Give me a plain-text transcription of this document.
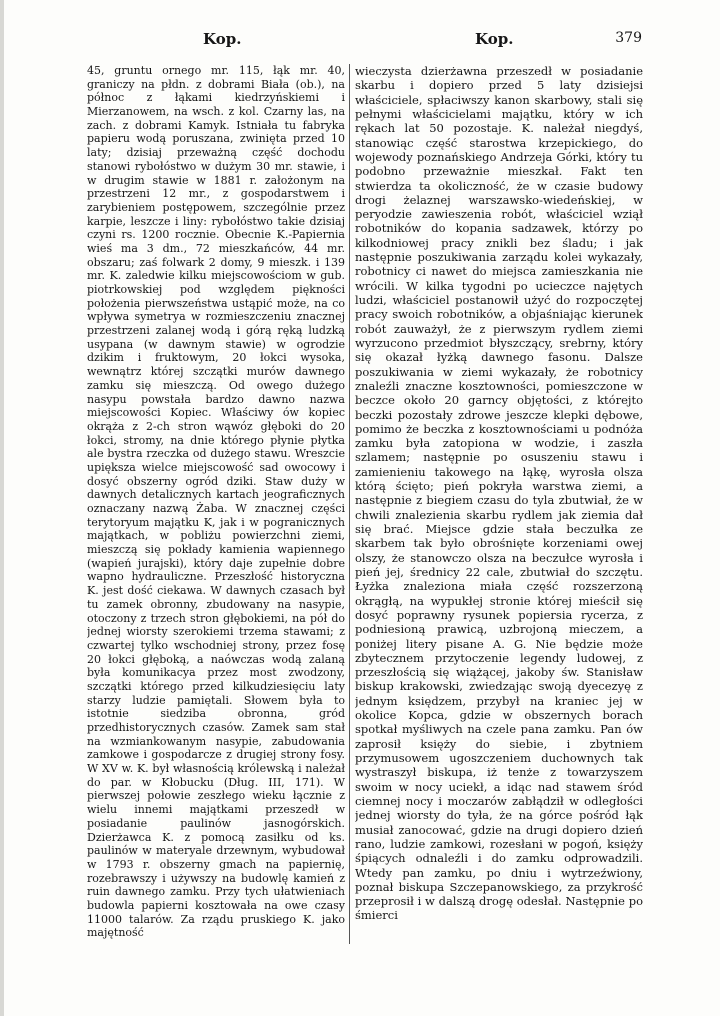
Kop.	Kop.	379

45, gruntu ornego mr. 115, łąk mr. 40, graniczy na płdn. z dobrami Biała (ob.), na północ z łąkami kiedrzyńskiemi i Mierzanowem, na wsch. z kol. Czarny las, na zach. z dobrami Kamyk. Istniała tu fabryka papieru wodą poruszana, zwinięta przed 10 laty; dzisiaj przeważną część dochodu stanowi rybołóstwo w dużym 30 mr. stawie, i w drugim stawie w 1881 r. założonym na przestrzeni 12 mr., z gospodarstwem i zarybieniem postępowem, szczególnie przez karpie, leszcze i liny: rybołóstwo takie dzisiaj czyni rs. 1200 rocznie. Obecnie K.-Papiernia wieś ma 3 dm., 72 mieszkańców, 44 mr. obszaru; zaś folwark 2 domy, 9 mieszk. i 139 mr. K. zaledwie kilku miejscowościom w gub. piotrkowskiej pod względem piękności położenia pierwszeństwa ustąpić może, na co wpływa symetrya w rozmieszczeniu znacznej przestrzeni zalanej wodą i górą ręką ludzką usypana (w dawnym stawie) w ogrodzie dzikim i fruktowym, 20 łokci wysoka, wewnątrz której szczątki murów dawnego zamku się mieszczą. Od owego dużego nasypu powstała bardzo dawno nazwa miejscowości Kopiec. Właściwy ów kopiec okrąża z 2-ch stron wąwóz głęboki do 20 łokci, stromy, na dnie którego płynie płytka ale bystra rzeczka od dużego stawu. Wreszcie upiększa wielce miejscowość sad owocowy i dosyć obszerny ogród dziki. Staw duży w dawnych detalicznych kartach jeograficznych oznaczany nazwą Żaba. W znacznej części terytoryum majątku K, jak i w pogranicznych majątkach, w pobliżu powierzchni ziemi, mieszczą się pokłady kamienia wapiennego (wapień jurajski), który daje zupełnie dobre wapno hydrauliczne. Przeszłość historyczna K. jest dość ciekawa. W dawnych czasach był tu zamek obronny, zbudowany na nasypie, otoczony z trzech stron głębokiemi, na pół do jednej wiorsty szerokiemi trzema stawami; z czwartej tylko wschodniej strony, przez fosę 20 łokci głęboką, a naówczas wodą zalaną była komunikacya przez most zwodzony, szczątki którego przed kilkudziesięciu laty starzy ludzie pamiętali. Słowem była to istotnie siedziba obronna, gród przedhistorycznych czasów. Zamek sam stał na wzmiankowanym nasypie, zabudowania zamkowe i gospodarcze z drugiej strony fosy. W XV w. K. był własnością królewską i należał do par. w Kłobucku (Dług. III, 171). W pierwszej połowie zeszłego wieku łącznie z wielu innemi majątkami przeszedł w posiadanie paulinów jasnogórskich. Dzierżawca K. z pomocą zasiłku od ks. paulinów w materyale drzewnym, wybudował w 1793 r. obszerny gmach na papiernię, rozebrawszy i używszy na budowlę kamień z ruin dawnego zamku. Przy tych ułatwieniach budowla papierni kosztowała na owe czasy 11000 talarów. Za rządu pruskiego K. jako majętność

wieczysta dzierżawna przeszedł w posiadanie skarbu i dopiero przed 5 laty dzisiejsi właściciele, spłaciwszy kanon skarbowy, stali się pełnymi właścicielami majątku, który w ich rękach lat 50 pozostaje. K. należał niegdyś, stanowiąc część starostwa krzepickiego, do wojewody poznańskiego Andrzeja Górki, który tu podobno przeważnie mieszkał. Fakt ten stwierdza ta okoliczność, że w czasie budowy drogi żelaznej warszawsko-wiedeńskiej, w peryodzie zawieszenia robót, właściciel wziął robotników do kopania sadzawek, którzy po kilkodniowej pracy znikli bez śladu; i jak następnie poszukiwania zarządu kolei wykazały, robotnicy ci nawet do miejsca zamieszkania nie wrócili. W kilka tygodni po ucieczce najętych ludzi, właściciel postanowił użyć do rozpoczętej pracy swoich robotników, a objaśniając kierunek robót zauważył, że z pierwszym rydlem ziemi wyrzucono przedmiot błyszczący, srebrny, który się okazał łyżką dawnego fasonu. Dalsze poszukiwania w ziemi wykazały, że robotnicy znaleźli znaczne kosztowności, pomieszczone w beczce około 20 garncy objętości, z którejto beczki pozostały zdrowe jeszcze klepki dębowe, pomimo że beczka z kosztownościami u podnóża zamku była zatopiona w wodzie, i zaszła szlamem; następnie po osuszeniu stawu i zamienieniu takowego na łąkę, wyrosła olsza którą ścięto; pień pokryła warstwa ziemi, a następnie z biegiem czasu do tyla zbutwiał, że w chwili znalezienia skarbu rydlem jak ziemia dał się brać. Miejsce gdzie stała beczułka ze skarbem tak było obrośnięte korzeniami owej olszy, że stanowczo olsza na beczułce wyrosła i pień jej, średnicy 22 cale, zbutwiał do szczętu. Łyżka znaleziona miała część rozszerzoną okrągłą, na wypukłej stronie której mieścił się dosyć poprawny rysunek popiersia rycerza, z podniesioną prawicą, uzbrojoną mieczem, a poniżej litery pisane A. G. Nie będzie może zbytecznem przytoczenie legendy ludowej, z przeszłością się wiążącej, jakoby św. Stanisław biskup krakowski, zwiedzając swoją dyecezyę z jednym księdzem, przybył na kraniec jej w okolice Kopca, gdzie w obszernych borach spotkał myśliwych na czele pana zamku. Pan ów zaprosił księży do siebie, i zbytniem przymusowem ugoszczeniem duchownych tak wystraszył biskupa, iż tenże z towarzyszem swoim w nocy uciekł, a idąc nad stawem śród ciemnej nocy i moczarów zabłądził w odległości jednej wiorsty do tyła, że na górce pośród łąk musiał zanocować, gdzie na drugi dopiero dzień rano, ludzie zamkowi, rozesłani w pogoń, księży śpiących odnaleźli i do zamku odprowadzili. Wtedy pan zamku, po dniu i wytrzeźwiony, poznał biskupa Szczepanowskiego, za przykrość przeprosił i w dalszą drogę odesłał. Następnie po śmierci
